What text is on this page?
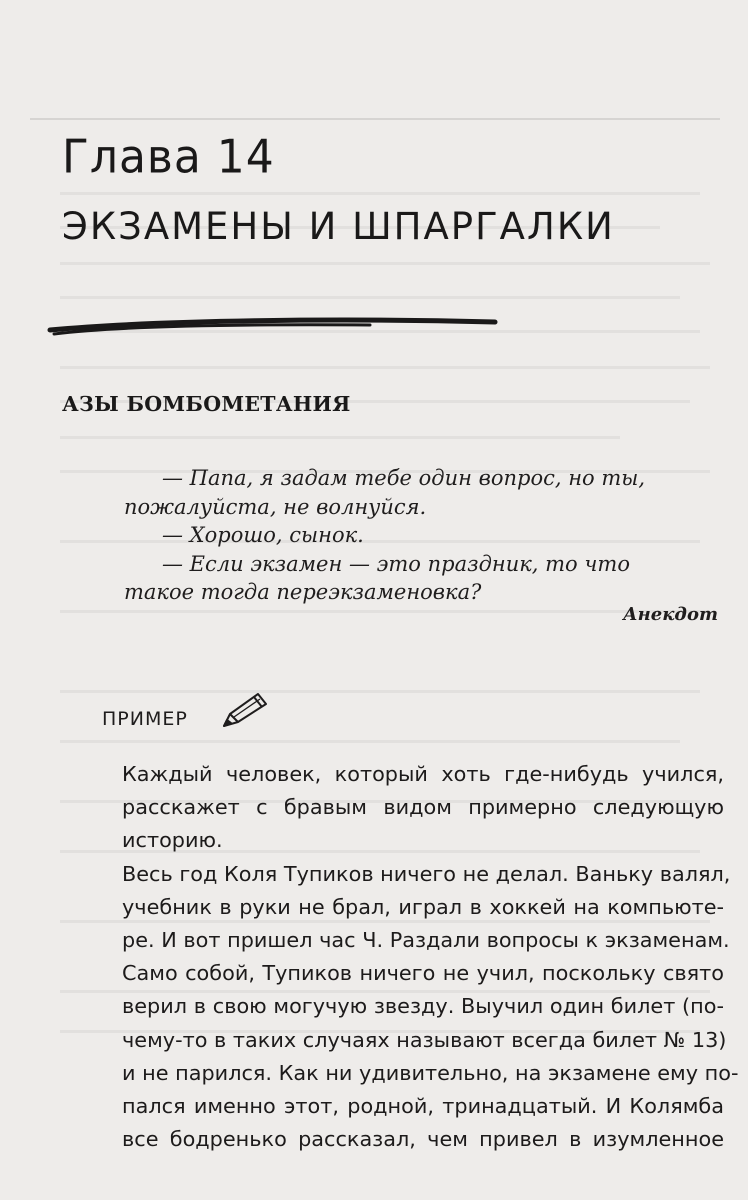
Глава 14
ЭКЗАМЕНЫ И ШПАРГАЛКИ
АЗЫ БОМБОМЕТАНИЯ

— Папа, я задам тебе один вопрос, но ты,

пожалуйста, не волнуйся.

— Хорошо, сынок.

— Если экзамен — это праздник, то что

такое тогда переэкзаменовка?

Анекдот
ПРИМЕР
Каждый человек, который хоть где-нибудь учился,
расскажет с бравым видом примерно следующую
историю.
Весь год Коля Тупиков ничего не делал. Ваньку валял,
учебник в руки не брал, играл в хоккей на компьюте-
ре. И вот пришел час Ч. Раздали вопросы к экзаменам.
Само собой, Тупиков ничего не учил, поскольку свято
верил в свою могучую звезду. Выучил один билет (по-
чему-то в таких случаях называют всегда билет № 13)
и не парился. Как ни удивительно, на экзамене ему по-
пался именно этот, родной, тринадцатый. И Колямба
все бодренько рассказал, чем привел в изумленное
